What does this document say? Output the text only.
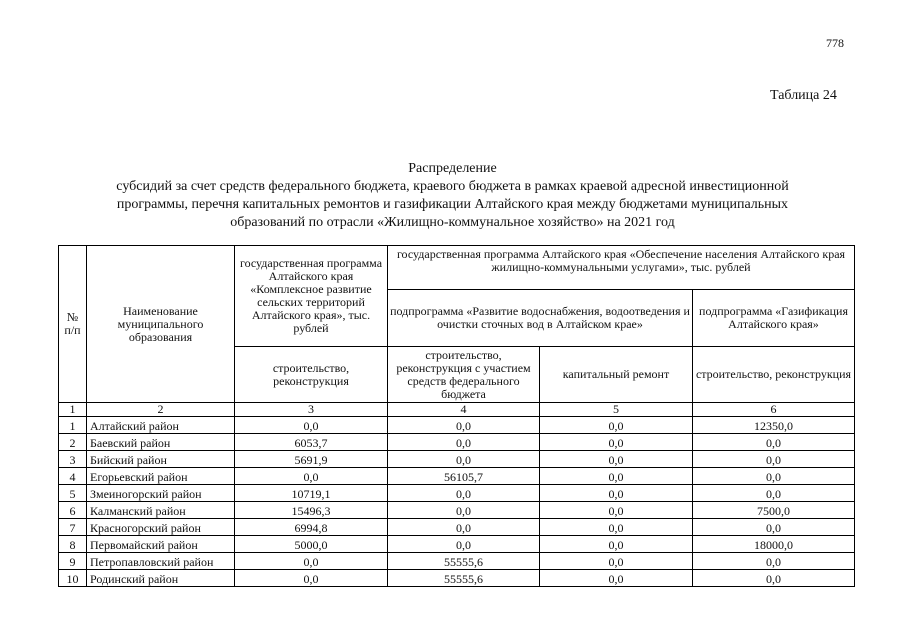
778
Таблица 24
Распределение
субсидий за счет средств федерального бюджета, краевого бюджета в рамках краевой адресной инвестиционной
программы, перечня капитальных ремонтов и газификации Алтайского края между бюджетами муниципальных
образований по отрасли «Жилищно-коммунальное хозяйство» на 2021 год
№ п/п	Наименование муниципального образования	государственная программа Алтайского края «Комплексное развитие сельских территорий Алтайского края», тыс. рублей	государственная программа Алтайского края «Обеспечение населения Алтайского края жилищно-коммунальными услугами», тыс. рублей		
			подпрограмма «Развитие водоснабжения, водоотведения и очистки сточных вод в Алтайском крае»		подпрограмма «Газификация Алтайского края»
		строительство, реконструкция	строительство, реконструкция с участием средств федерального бюджета	капитальный ремонт	строительство, реконструкция
1	2	3	4	5	6
1	Алтайский район	0,0	0,0	0,0	12350,0
2	Баевский район	6053,7	0,0	0,0	0,0
3	Бийский район	5691,9	0,0	0,0	0,0
4	Егорьевский район	0,0	56105,7	0,0	0,0
5	Змеиногорский район	10719,1	0,0	0,0	0,0
6	Калманский район	15496,3	0,0	0,0	7500,0
7	Красногорский район	6994,8	0,0	0,0	0,0
8	Первомайский район	5000,0	0,0	0,0	18000,0
9	Петропавловский район	0,0	55555,6	0,0	0,0
10	Родинский район	0,0	55555,6	0,0	0,0
